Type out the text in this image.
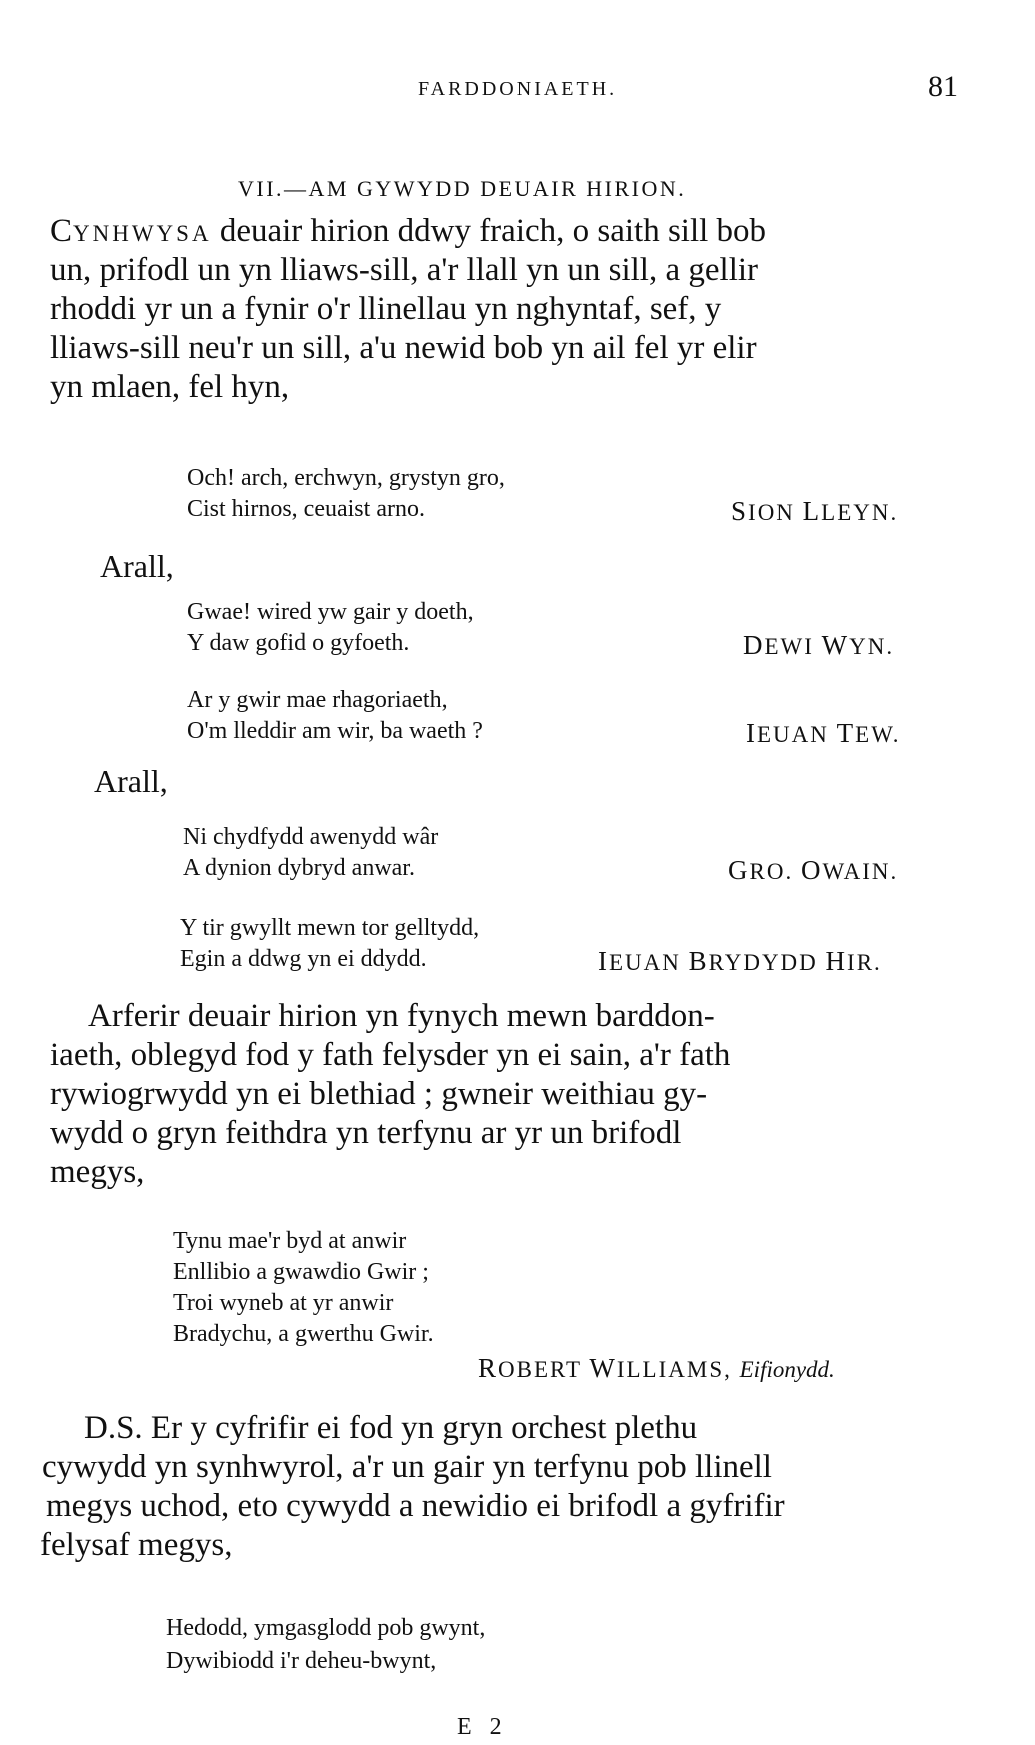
FARDDONIAETH.	81
VII.—AM GYWYDD DEUAIR HIRION.
CYNHWYSA deuair hirion ddwy fraich, o saith sill bob
un, prifodl un yn lliaws-sill, a'r llall yn un sill, a gellir
rhoddi yr un a fynir o'r llinellau yn nghyntaf, sef, y
lliaws-sill neu'r un sill, a'u newid bob yn ail fel yr elir
yn mlaen, fel hyn,
Och! arch, erchwyn, grystyn gro,
Cist hirnos, ceuaist arno.	SION LLEYN.
Arall,
Gwae! wired yw gair y doeth,
Y daw gofid o gyfoeth.	DEWI WYN.
Ar y gwir mae rhagoriaeth,
O'm lleddir am wir, ba waeth ?	IEUAN TEW.
Arall,
Ni chydfydd awenydd wâr
A dynion dybryd anwar.	GRO. OWAIN.
Y tir gwyllt mewn tor gelltydd,
Egin a ddwg yn ei ddydd.	IEUAN BRYDYDD HIR.
Arferir deuair hirion yn fynych mewn barddon-
iaeth, oblegyd fod y fath felysder yn ei sain, a'r fath
rywiogrwydd yn ei blethiad ; gwneir weithiau gy-
wydd o gryn feithdra yn terfynu ar yr un brifodl
megys,
Tynu mae'r byd at anwir
Enllibio a gwawdio Gwir ;
Troi wyneb at yr anwir
Bradychu, a gwerthu Gwir.
ROBERT WILLIAMS, Eifionydd.
D.S. Er y cyfrifir ei fod yn gryn orchest plethu
cywydd yn synhwyrol, a'r un gair yn terfynu pob llinell
megys uchod, eto cywydd a newidio ei brifodl a gyfrifir
felysaf megys,
Hedodd, ymgasglodd pob gwynt,
Dywibiodd i'r deheu-bwynt,
E 2
